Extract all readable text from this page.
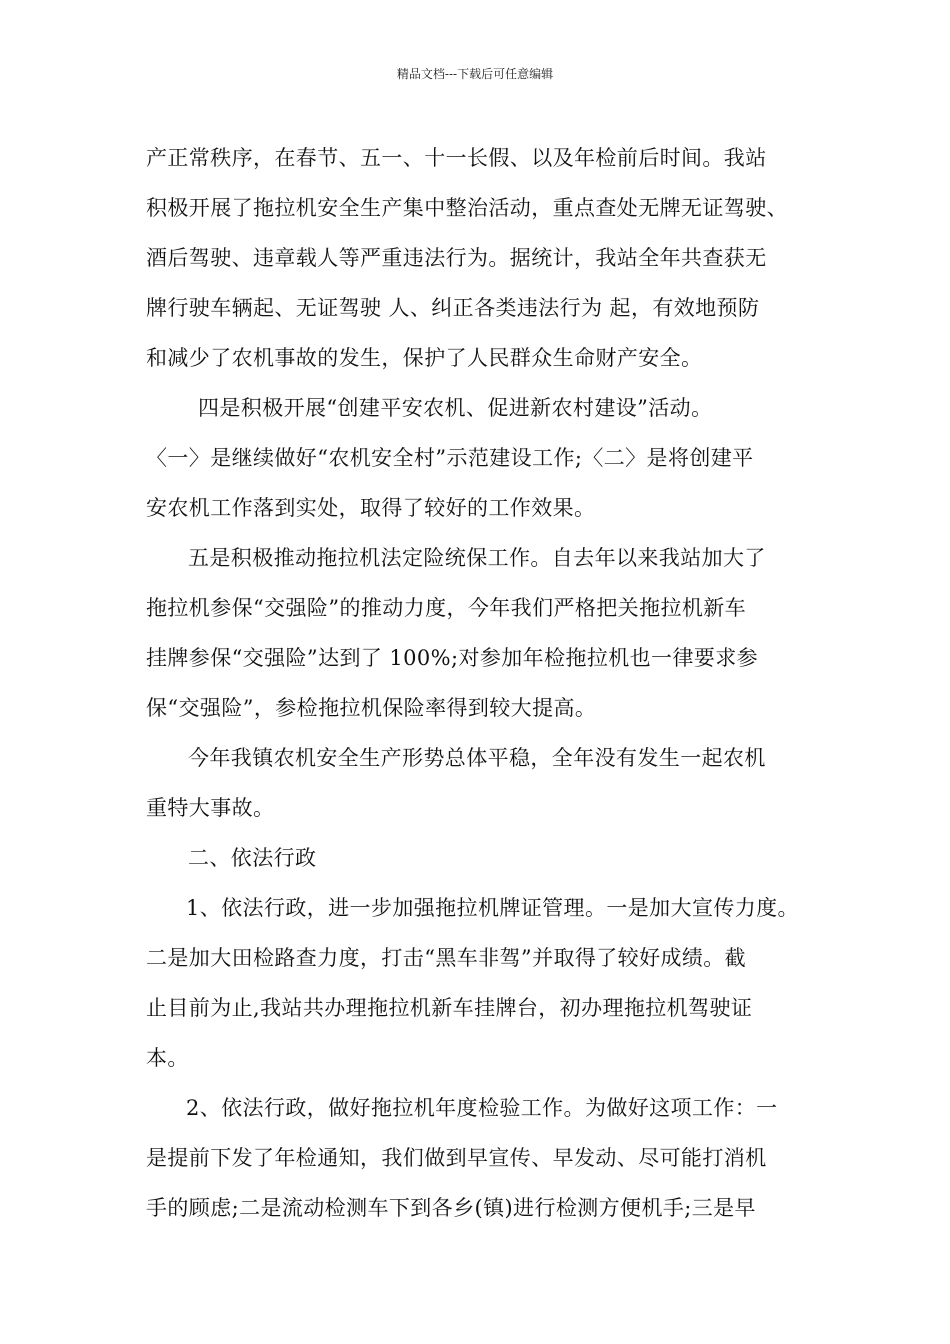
精品文档---下载后可任意编辑
产正常秩序，在春节、五一、十一长假、以及年检前后时间。我站
积极开展了拖拉机安全生产集中整治活动，重点查处无牌无证驾驶、
酒后驾驶、违章载人等严重违法行为。据统计，我站全年共查获无
牌行驶车辆起、无证驾驶 人、纠正各类违法行为 起，有效地预防
和减少了农机事故的发生，保护了人民群众生命财产安全。
四是积极开展“创建平安农机、促进新农村建设”活动。
〈一〉是继续做好“农机安全村”示范建设工作;〈二〉是将创建平
安农机工作落到实处，取得了较好的工作效果。
五是积极推动拖拉机法定险统保工作。自去年以来我站加大了
拖拉机参保“交强险”的推动力度，今年我们严格把关拖拉机新车
挂牌参保“交强险”达到了 100%;对参加年检拖拉机也一律要求参
保“交强险”，参检拖拉机保险率得到较大提高。
今年我镇农机安全生产形势总体平稳，全年没有发生一起农机
重特大事故。
二、依法行政
1、依法行政，进一步加强拖拉机牌证管理。一是加大宣传力度。
二是加大田检路查力度，打击“黑车非驾”并取得了较好成绩。截
止目前为止,我站共办理拖拉机新车挂牌台，初办理拖拉机驾驶证
本。
2、依法行政，做好拖拉机年度检验工作。为做好这项工作：一
是提前下发了年检通知，我们做到早宣传、早发动、尽可能打消机
手的顾虑;二是流动检测车下到各乡(镇)进行检测方便机手;三是早
